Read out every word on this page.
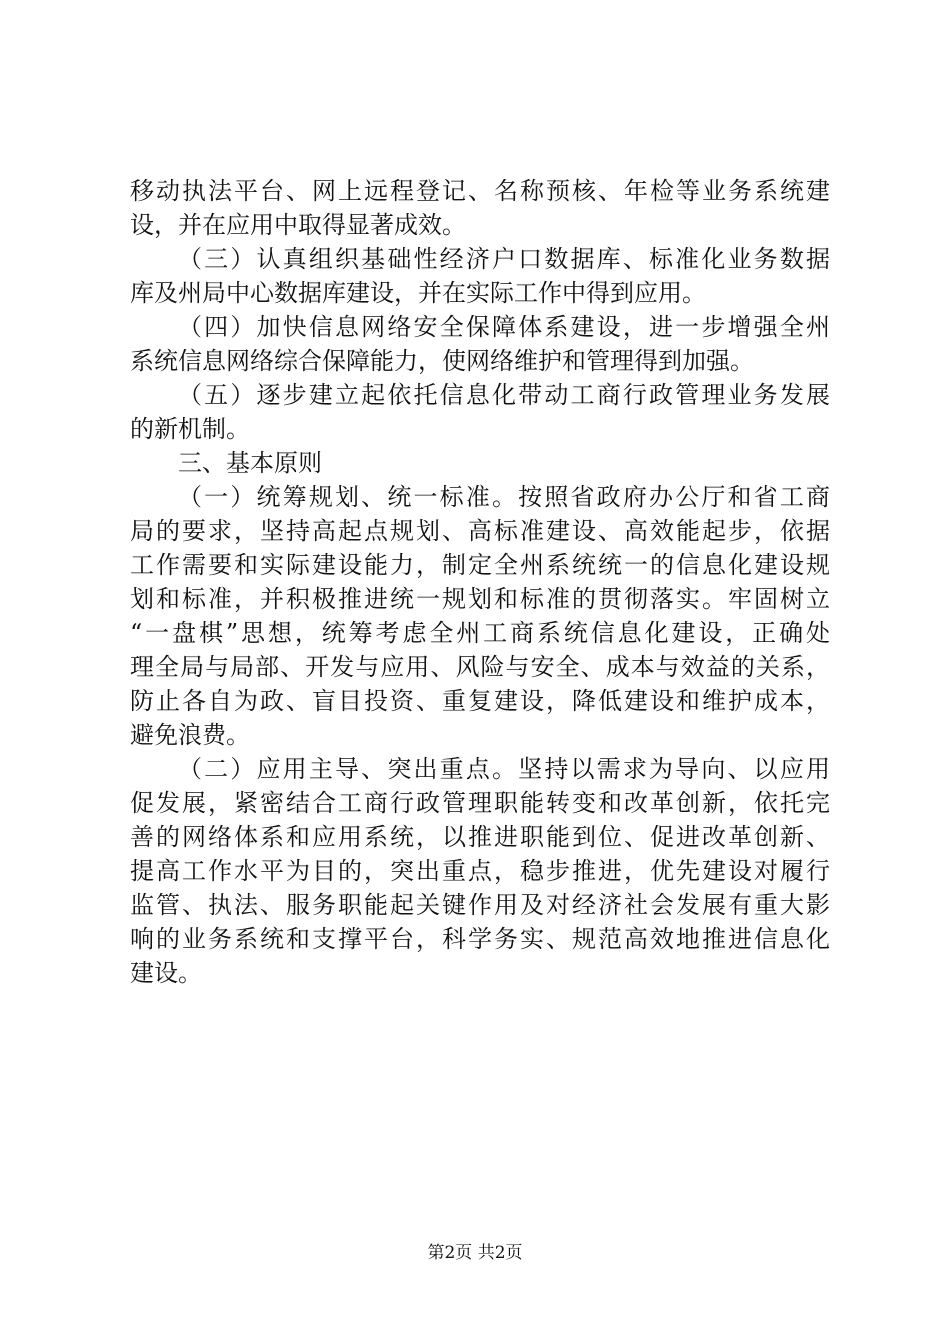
移动执法平台、网上远程登记、名称预核、年检等业务系统建
设，并在应用中取得显著成效。
（三）认真组织基础性经济户口数据库、标准化业务数据
库及州局中心数据库建设，并在实际工作中得到应用。
（四）加快信息网络安全保障体系建设，进一步增强全州
系统信息网络综合保障能力，使网络维护和管理得到加强。
（五）逐步建立起依托信息化带动工商行政管理业务发展
的新机制。
三、基本原则
（一）统筹规划、统一标准。按照省政府办公厅和省工商
局的要求，坚持高起点规划、高标准建设、高效能起步，依据
工作需要和实际建设能力，制定全州系统统一的信息化建设规
划和标准，并积极推进统一规划和标准的贯彻落实。牢固树立
“一盘棋”思想，统筹考虑全州工商系统信息化建设，正确处
理全局与局部、开发与应用、风险与安全、成本与效益的关系，
防止各自为政、盲目投资、重复建设，降低建设和维护成本，
避免浪费。
（二）应用主导、突出重点。坚持以需求为导向、以应用
促发展，紧密结合工商行政管理职能转变和改革创新，依托完
善的网络体系和应用系统，以推进职能到位、促进改革创新、
提高工作水平为目的，突出重点，稳步推进，优先建设对履行
监管、执法、服务职能起关键作用及对经济社会发展有重大影
响的业务系统和支撑平台，科学务实、规范高效地推进信息化
建设。
第2页 共2页
